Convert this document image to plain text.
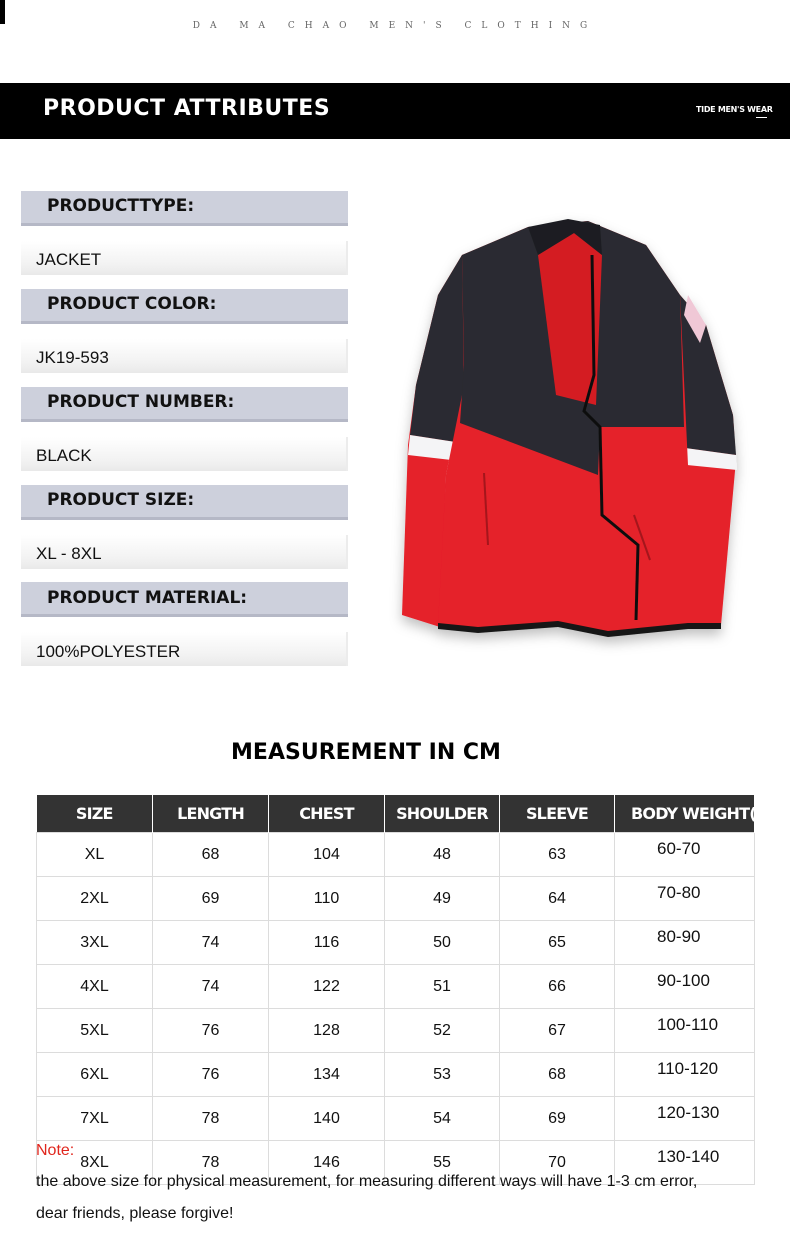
DA MA CHAO MEN'S CLOTHING
PRODUCT ATTRIBUTES	TIDE MEN'S WEAR
PRODUCTTYPE:
JACKET
PRODUCT COLOR:
JK19-593
PRODUCT NUMBER:
BLACK
PRODUCT SIZE:
XL - 8XL
PRODUCT MATERIAL:
100%POLYESTER
MEASUREMENT IN CM
SIZE	LENGTH	CHEST	SHOULDER	SLEEVE	BODY WEIGHT(KG
XL	68	104	48	63	60-70
2XL	69	110	49	64	70-80
3XL	74	116	50	65	80-90
4XL	74	122	51	66	90-100
5XL	76	128	52	67	100-110
6XL	76	134	53	68	110-120
7XL	78	140	54	69	120-130
8XL	78	146	55	70	130-140
Note:
the above size for physical measurement, for measuring different ways will have 1-3 cm error,
dear friends, please forgive!
